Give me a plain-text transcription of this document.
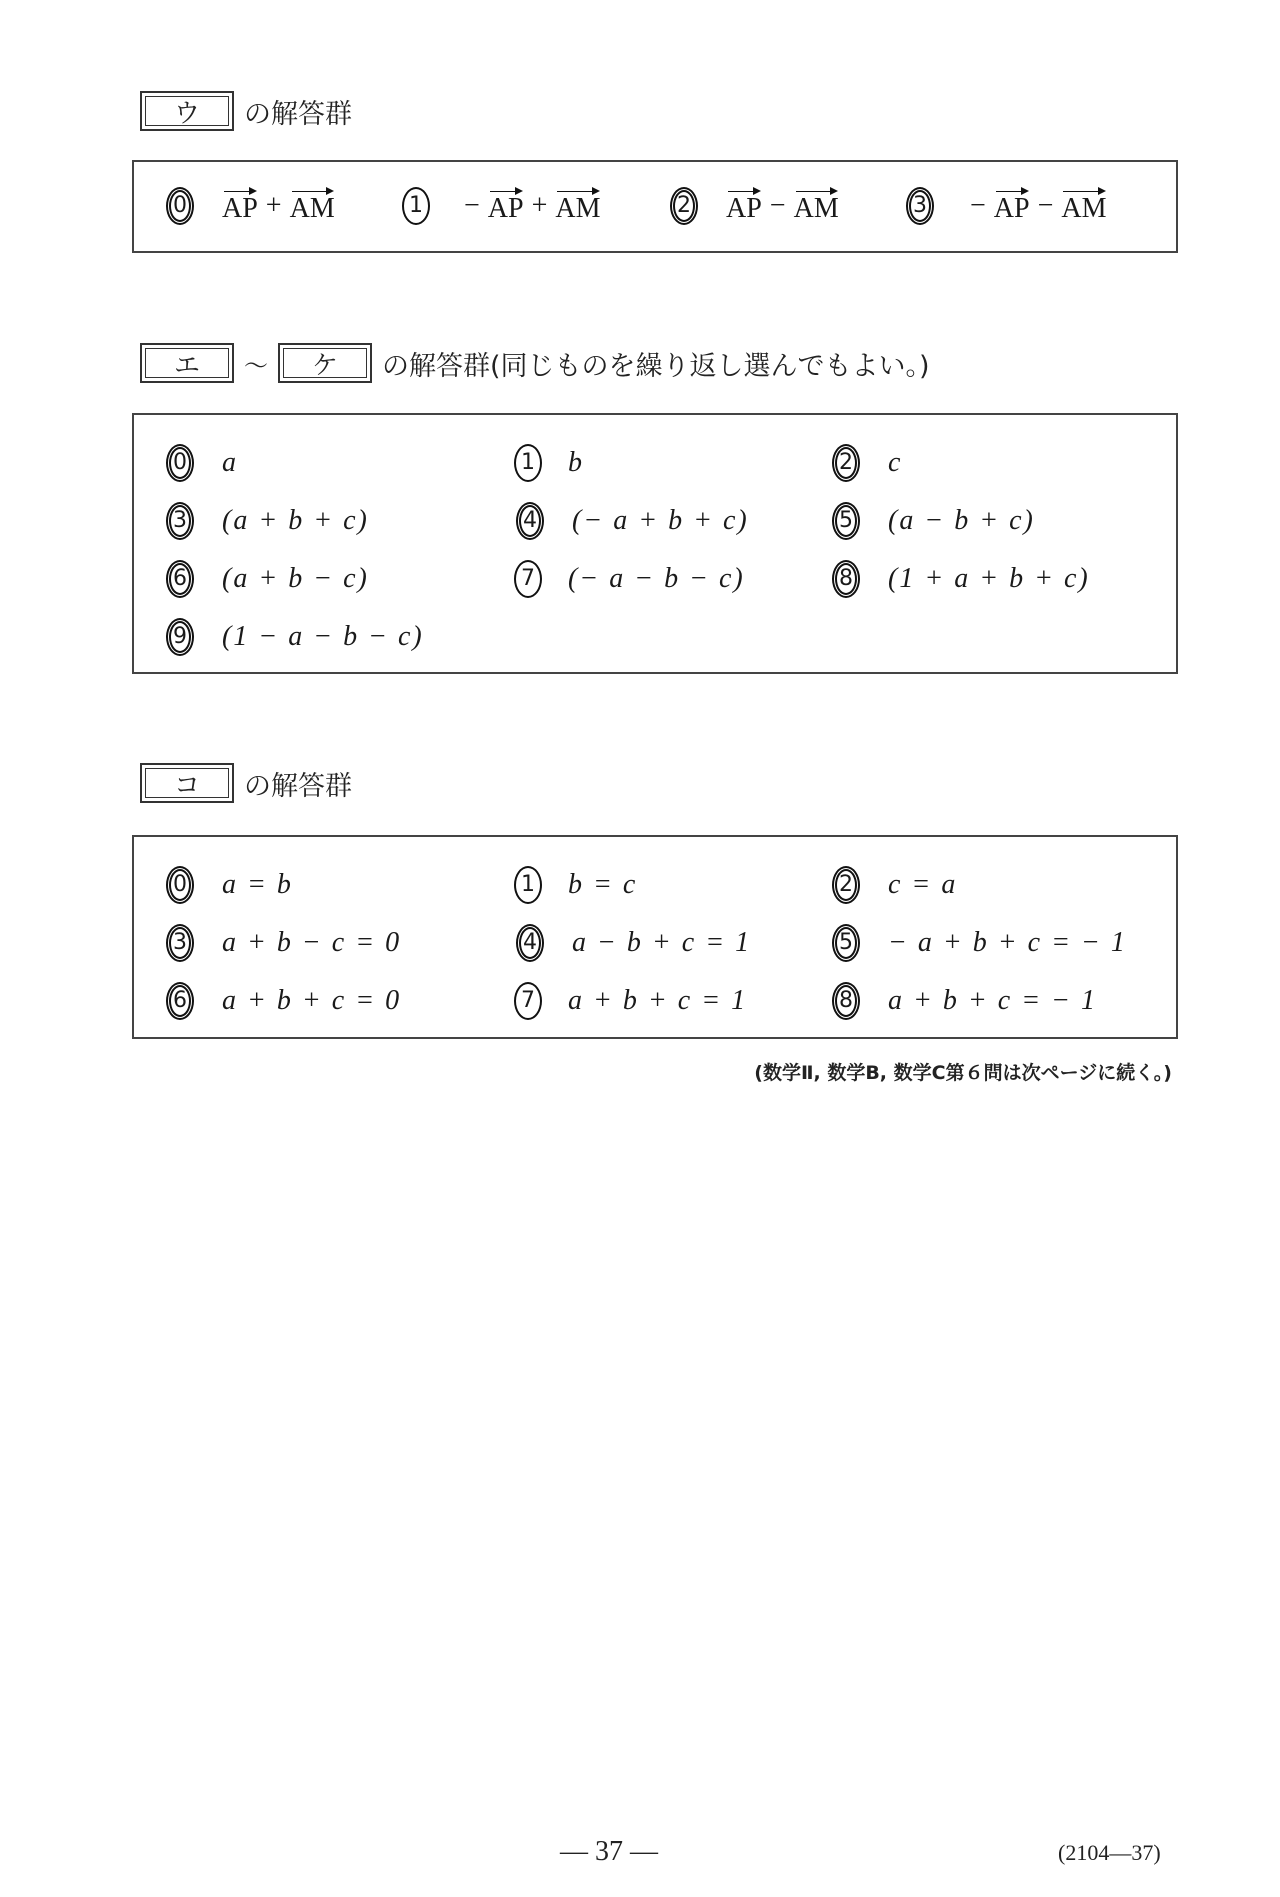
ウ の解答群
0 AP + AM	1 − AP + AM	2 AP − AM	3 − AP − AM
エ ～ ケ の解答群(同じものを繰り返し選んでもよい。)
0 a	1 b	2 c
3 (a + b + c)	4 (− a + b + c)	5 (a − b + c)
6 (a + b − c)	7 (− a − b − c)	8 (1 + a + b + c)
9 (1 − a − b − c)
コ の解答群
0 a = b	1 b = c	2 c = a
3 a + b − c = 0	4 a − b + c = 1	5 − a + b + c = − 1
6 a + b + c = 0	7 a + b + c = 1	8 a + b + c = − 1
(数学Ⅱ, 数学B, 数学C第６問は次ページに続く。)
— 37 —	(2104—37)
